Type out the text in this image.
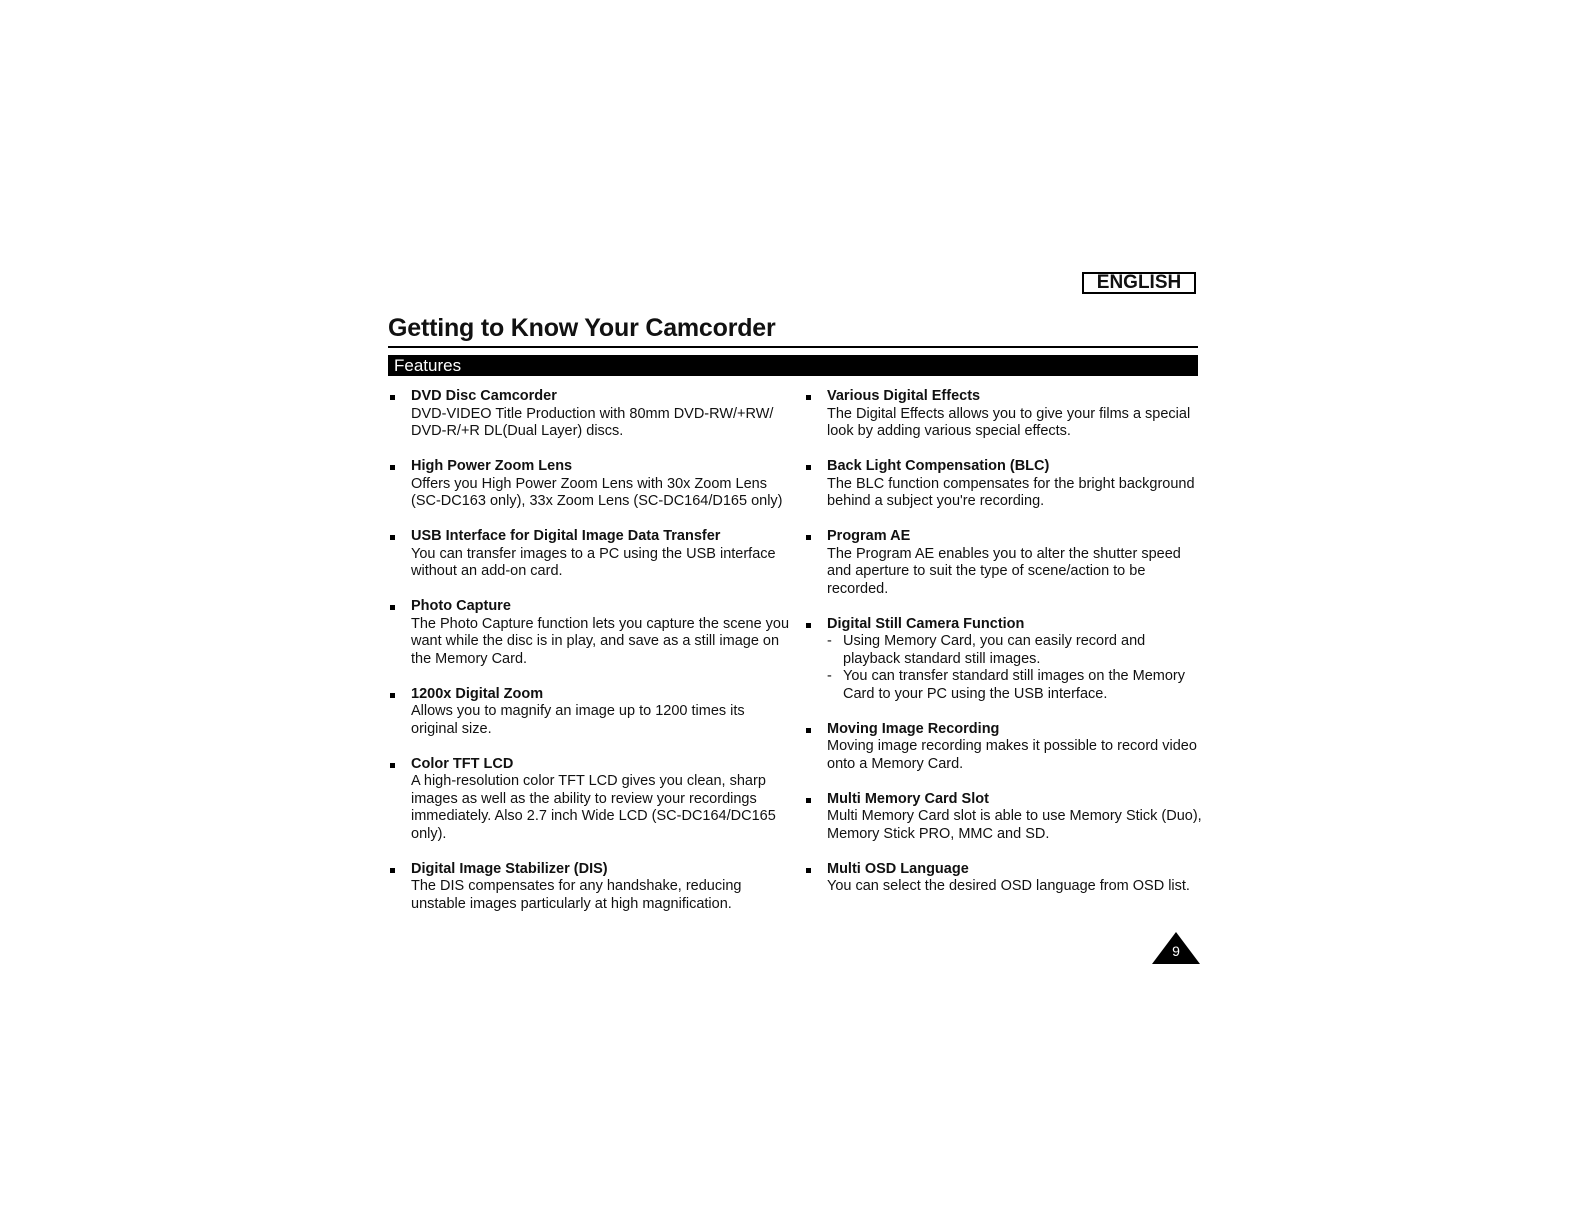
ENGLISH
Getting to Know Your Camcorder
Features

DVD Disc Camcorder

DVD-VIDEO Title Production with 80mm DVD-RW/+RW/ DVD-R/+R DL(Dual Layer) discs.

High Power Zoom Lens

Offers you High Power Zoom Lens with 30x Zoom Lens (SC-DC163 only), 33x Zoom Lens (SC-DC164/D165 only)

USB Interface for Digital Image Data Transfer

You can transfer images to a PC using the USB interface without an add-on card.

Photo Capture

The Photo Capture function lets you capture the scene you want while the disc is in play, and save as a still image on the Memory Card.

1200x Digital Zoom

Allows you to magnify an image up to 1200 times its original size.

Color TFT LCD

A high-resolution color TFT LCD gives you clean, sharp images as well as the ability to review your recordings immediately. Also 2.7 inch Wide LCD (SC-DC164/DC165 only).

Digital Image Stabilizer (DIS)

The DIS compensates for any handshake, reducing unstable images particularly at high magnification.

Various Digital Effects

The Digital Effects allows you to give your films a special look by adding various special effects.

Back Light Compensation (BLC)

The BLC function compensates for the bright background behind a subject you're recording.

Program AE

The Program AE enables you to alter the shutter speed and aperture to suit the type of scene/action to be recorded.

Digital Still Camera Function

- Using Memory Card, you can easily record and playback standard still images.
- You can transfer standard still images on the Memory Card to your PC using the USB interface.

Moving Image Recording

Moving image recording makes it possible to record video onto a Memory Card.

Multi Memory Card Slot

Multi Memory Card slot is able to use Memory Stick (Duo), Memory Stick PRO, MMC and SD.

Multi OSD Language

You can select the desired OSD language from OSD list.

9
